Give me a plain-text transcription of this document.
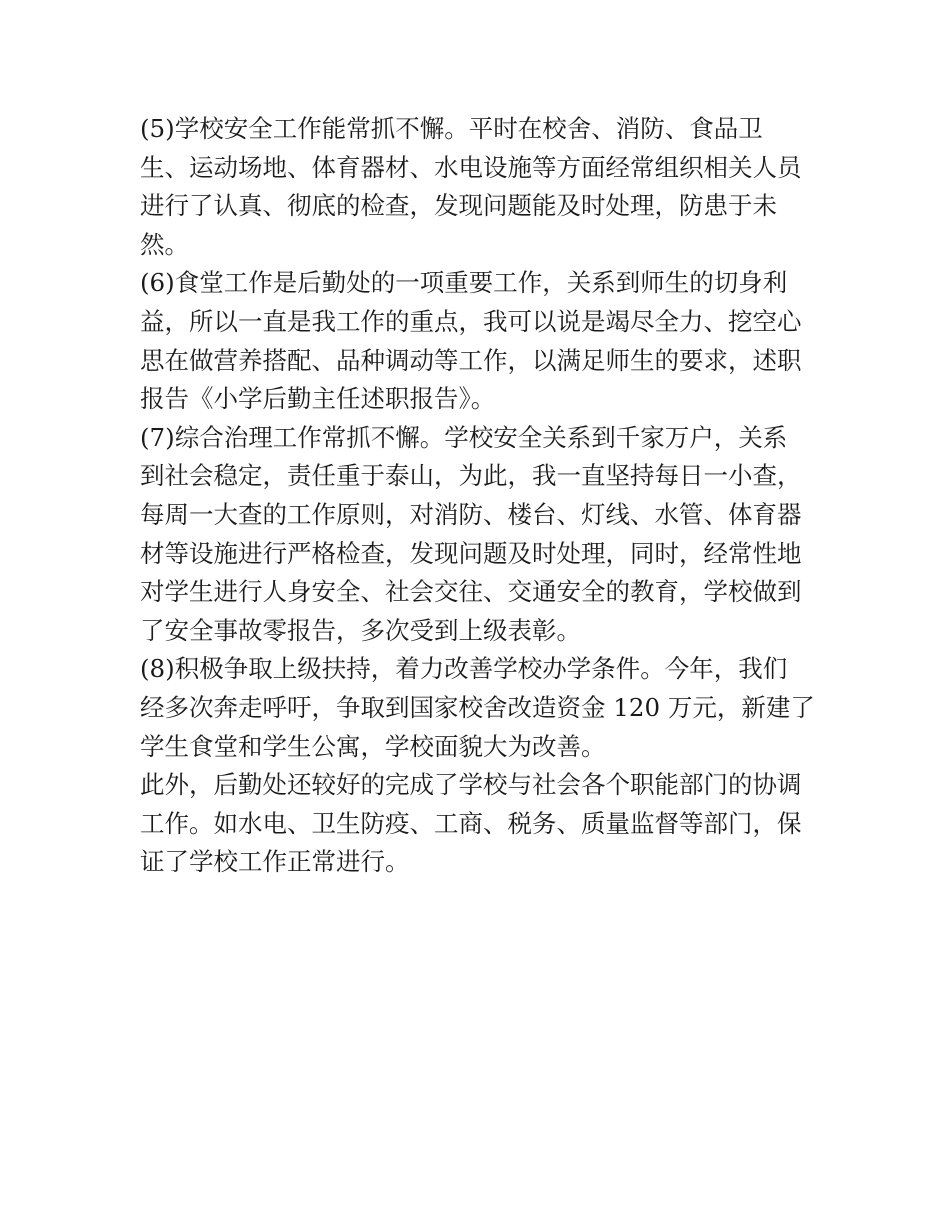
(5)学校安全工作能常抓不懈。平时在校舍、消防、食品卫
生、运动场地、体育器材、水电设施等方面经常组织相关人员
进行了认真、彻底的检查，发现问题能及时处理，防患于未
然。
(6)食堂工作是后勤处的一项重要工作，关系到师生的切身利
益，所以一直是我工作的重点，我可以说是竭尽全力、挖空心
思在做营养搭配、品种调动等工作，以满足师生的要求，述职
报告《小学后勤主任述职报告》。
(7)综合治理工作常抓不懈。学校安全关系到千家万户，关系
到社会稳定，责任重于泰山，为此，我一直坚持每日一小查，
每周一大查的工作原则，对消防、楼台、灯线、水管、体育器
材等设施进行严格检查，发现问题及时处理，同时，经常性地
对学生进行人身安全、社会交往、交通安全的教育，学校做到
了安全事故零报告，多次受到上级表彰。
(8)积极争取上级扶持，着力改善学校办学条件。今年，我们
经多次奔走呼吁，争取到国家校舍改造资金 120 万元，新建了
学生食堂和学生公寓，学校面貌大为改善。
此外，后勤处还较好的完成了学校与社会各个职能部门的协调
工作。如水电、卫生防疫、工商、税务、质量监督等部门，保
证了学校工作正常进行。
